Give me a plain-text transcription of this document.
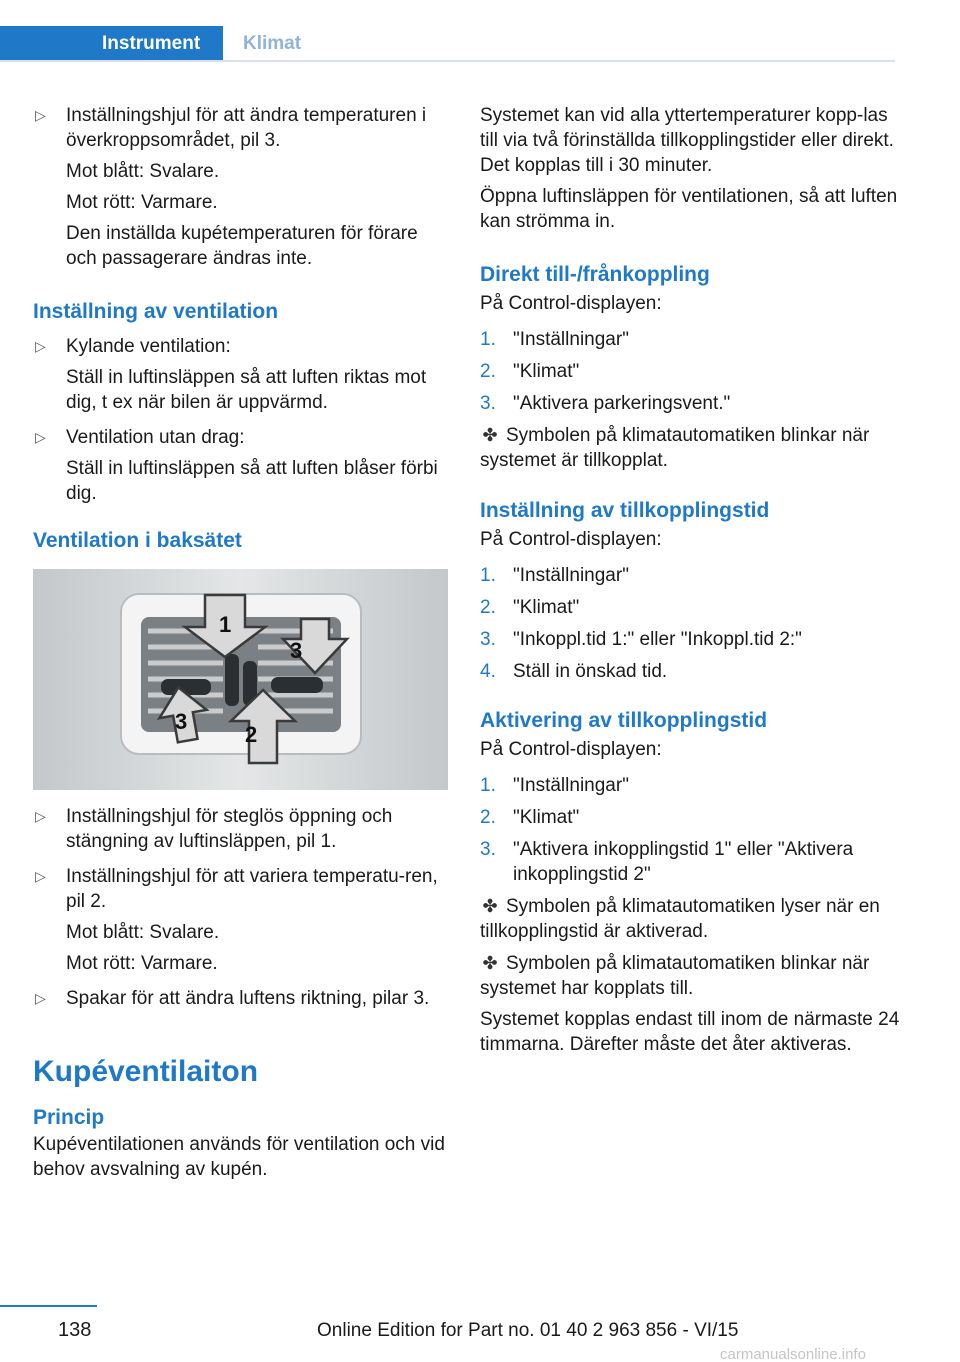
Instrument	Klimat
▷ Inställningshjul för att ändra temperaturen i överkroppsområdet, pil 3.

Mot blått: Svalare.

Mot rött: Varmare.

Den inställda kupétemperaturen för förare och passagerare ändras inte.

Inställning av ventilation
▷ Kylande ventilation:

Ställ in luftinsläppen så att luften riktas mot dig, t ex när bilen är uppvärmd.

▷ Ventilation utan drag:

Ställ in luftinsläppen så att luften blåser förbi dig.

Ventilation i baksätet
1
2
3
3
▷ Inställningshjul för steglös öppning och stängning av luftinsläppen, pil 1.

▷ Inställningshjul för att variera temperatu‐ren, pil 2.

Mot blått: Svalare.

Mot rött: Varmare.

▷ Spakar för att ändra luftens riktning, pilar 3.

Kupéventilaiton
Princip

Kupéventilationen används för ventilation och vid behov avsvalning av kupén.

Systemet kan vid alla yttertemperaturer kopp‐las till via två förinställda tillkopplingstider eller direkt. Det kopplas till i 30 minuter.

Öppna luftinsläppen för ventilationen, så att luften kan strömma in.

Direkt till-/frånkoppling

På Control-displayen:

1. "Inställningar"
2. "Klimat"
3. "Aktivera parkeringsvent."

✤ Symbolen på klimatautomatiken blinkar när systemet är tillkopplat.

Inställning av tillkopplingstid

På Control-displayen:

1. "Inställningar"
2. "Klimat"
3. "Inkoppl.tid 1:" eller "Inkoppl.tid 2:"
4. Ställ in önskad tid.
Aktivering av tillkopplingstid

På Control-displayen:

1. "Inställningar"
2. "Klimat"
3. "Aktivera inkopplingstid 1" eller "Aktivera inkopplingstid 2"

✤ Symbolen på klimatautomatiken lyser när en tillkopplingstid är aktiverad.

✤ Symbolen på klimatautomatiken blinkar när systemet har kopplats till.

Systemet kopplas endast till inom de närmaste 24 timmarna. Därefter måste det åter aktiveras.

138	Online Edition for Part no. 01 40 2 963 856 - VI/15
carmanualsonline.info
